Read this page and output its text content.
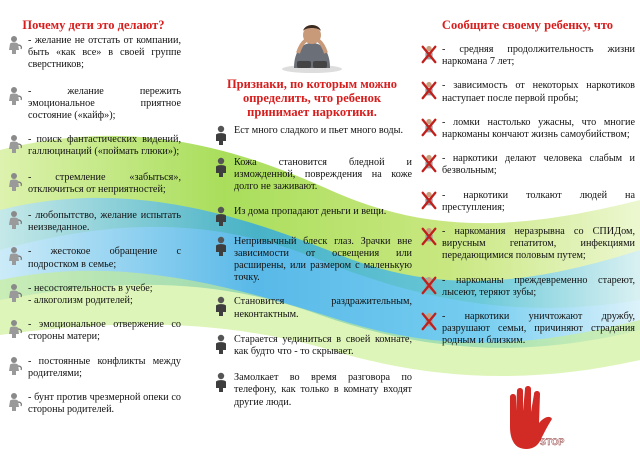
Почему дети это делают?
- желание не отстать от компании, быть «как все» в своей группе сверстников;
- желание пережить эмоциональное приятное состояние («кайф»);
- поиск фантастических видений, галлюцинаций («поймать глюки»);
- стремление «забыться», отключиться от неприятностей;
- любопытство, желание испытать неизведанное.
- жестокое обращение с подростком в семье;
- несостоятельность в учебе;
- алкоголизм родителей;
- эмоциональное отвержение со стороны матери;
- постоянные конфликты между родителями;
- бунт против чрезмерной опеки со стороны родителей.
Признаки, по которым можно определить, что ребенок принимает наркотики.
Ест много сладкого и пьет много воды.
Кожа становится бледной и изможденной, повреждения на коже долго не заживают.
Из дома пропадают деньги и вещи.
Непривычный блеск глаз. Зрачки вне зависимости от освещения или расширены, или размером с маленькую точку.
Становится раздражительным, неконтактным.
Старается уединиться в своей комнате, как будто что - то скрывает.
Замолкает во время разговора по телефону, как только в комнату входят другие люди.
Сообщите своему ребенку, что
- средняя продолжительность жизни наркомана 7 лет;
- зависимость от некоторых наркотиков наступает после первой пробы;
- ломки настолько ужасны, что многие наркоманы кончают жизнь самоубийством;
- наркотики делают человека слабым и безвольным;
- наркотики толкают людей на преступления;
- наркомания неразрывна со СПИДом, вирусным гепатитом, инфекциями передающимися половым путем;
- наркоманы преждевременно стареют, лысеют, теряют зубы;
- наркотики уничтожают дружбу, разрушают семьи, причиняют страдания родным и близким.
STOP
